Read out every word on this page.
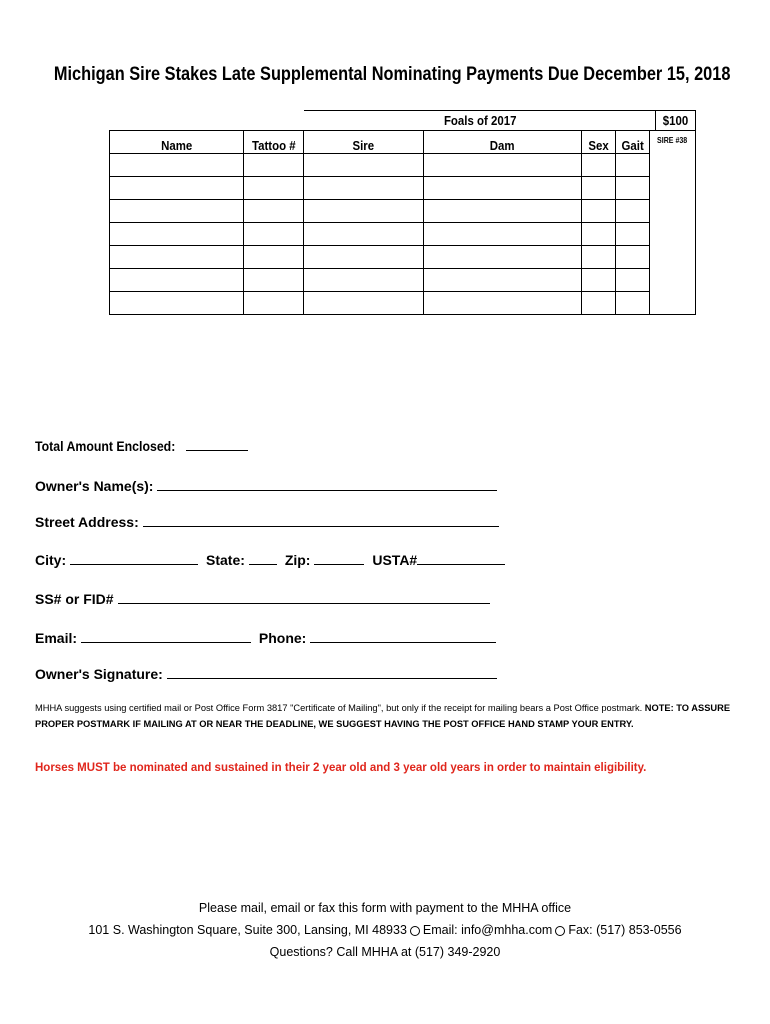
Michigan Sire Stakes Late Supplemental Nominating Payments Due December 15, 2018

		Foals of 2017 $100				

Name	Tattoo #	Sire	Dam	Sex	Gait	SIRE #38

Total Amount Enclosed:
Owner's Name(s):
Street Address:
City:	State:	Zip:	USTA#
SS# or FID#
Email:	Phone:
Owner's Signature:
MHHA suggests using certified mail or Post Office Form 3817 "Certificate of Mailing", but only if the receipt for mailing bears a Post Office postmark. NOTE: TO ASSURE PROPER POSTMARK IF MAILING AT OR NEAR THE DEADLINE, WE SUGGEST HAVING THE POST OFFICE HAND STAMP YOUR ENTRY.
Horses MUST be nominated and sustained in their 2 year old and 3 year old years in order to maintain eligibility.
Please mail, email or fax this form with payment to the MHHA office
101 S. Washington Square, Suite 300, Lansing, MI 48933 Email: info@mhha.com Fax: (517) 853-0556
Questions? Call MHHA at (517) 349-2920
